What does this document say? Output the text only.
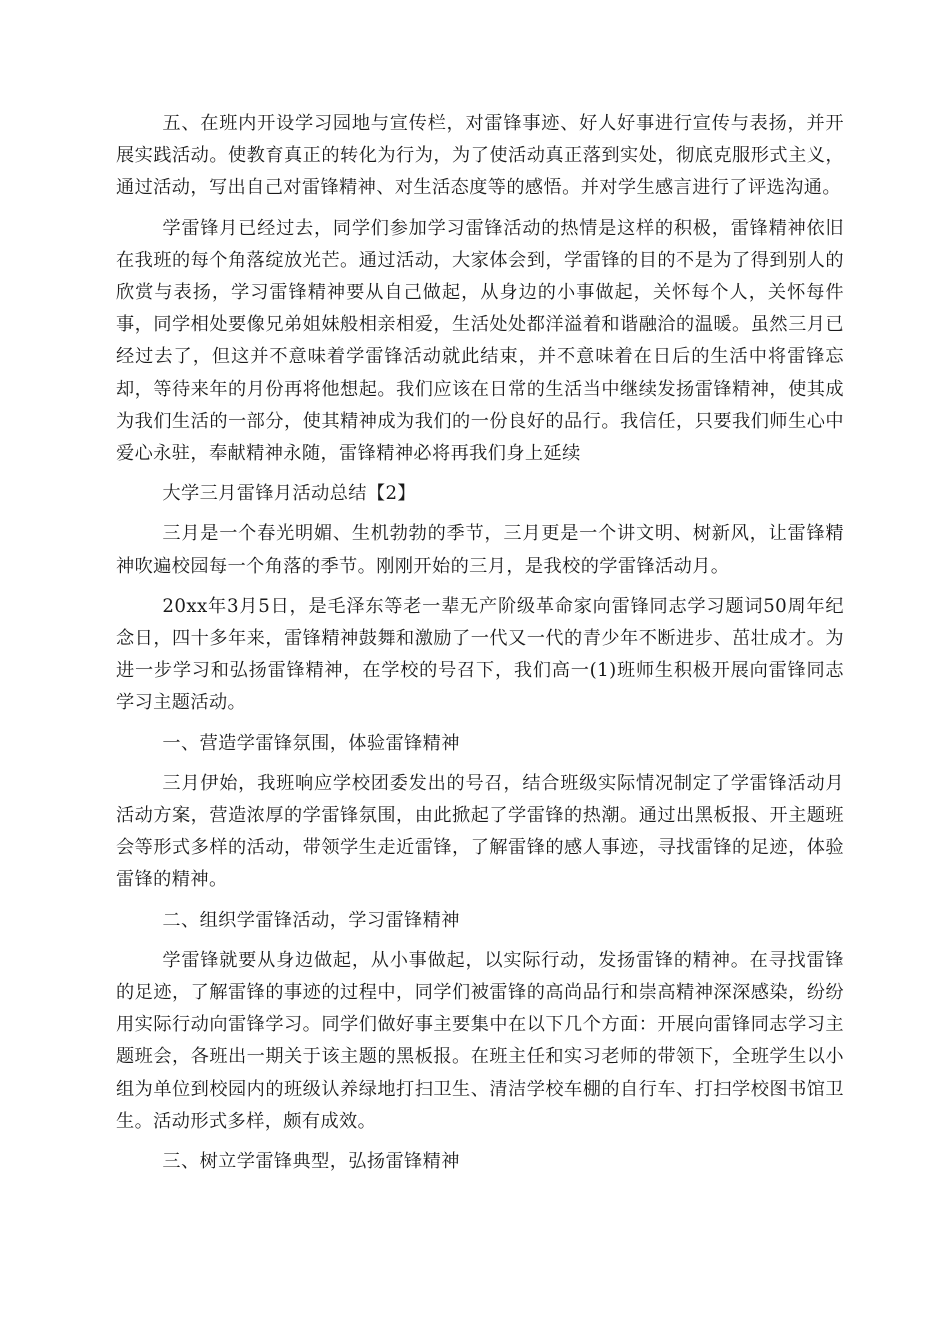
五、在班内开设学习园地与宣传栏，对雷锋事迹、好人好事进行宣传与表扬，并开展实践活动。使教育真正的转化为行为，为了使活动真正落到实处，彻底克服形式主义，通过活动，写出自己对雷锋精神、对生活态度等的感悟。并对学生感言进行了评选沟通。

学雷锋月已经过去，同学们参加学习雷锋活动的热情是这样的积极，雷锋精神依旧在我班的每个角落绽放光芒。通过活动，大家体会到，学雷锋的目的不是为了得到别人的欣赏与表扬，学习雷锋精神要从自己做起，从身边的小事做起，关怀每个人，关怀每件事，同学相处要像兄弟姐妹般相亲相爱，生活处处都洋溢着和谐融洽的温暖。虽然三月已经过去了，但这并不意味着学雷锋活动就此结束，并不意味着在日后的生活中将雷锋忘却，等待来年的月份再将他想起。我们应该在日常的生活当中继续发扬雷锋精神，使其成为我们生活的一部分，使其精神成为我们的一份良好的品行。我信任，只要我们师生心中爱心永驻，奉献精神永随，雷锋精神必将再我们身上延续

大学三月雷锋月活动总结【2】

三月是一个春光明媚、生机勃勃的季节，三月更是一个讲文明、树新风，让雷锋精神吹遍校园每一个角落的季节。刚刚开始的三月，是我校的学雷锋活动月。

20xx年3月5日，是毛泽东等老一辈无产阶级革命家向雷锋同志学习题词50周年纪念日，四十多年来，雷锋精神鼓舞和激励了一代又一代的青少年不断进步、茁壮成才。为进一步学习和弘扬雷锋精神，在学校的号召下，我们高一(1)班师生积极开展向雷锋同志学习主题活动。

一、营造学雷锋氛围，体验雷锋精神

三月伊始，我班响应学校团委发出的号召，结合班级实际情况制定了学雷锋活动月活动方案，营造浓厚的学雷锋氛围，由此掀起了学雷锋的热潮。通过出黑板报、开主题班会等形式多样的活动，带领学生走近雷锋，了解雷锋的感人事迹，寻找雷锋的足迹，体验雷锋的精神。

二、组织学雷锋活动，学习雷锋精神

学雷锋就要从身边做起，从小事做起，以实际行动，发扬雷锋的精神。在寻找雷锋的足迹，了解雷锋的事迹的过程中，同学们被雷锋的高尚品行和崇高精神深深感染，纷纷用实际行动向雷锋学习。同学们做好事主要集中在以下几个方面：开展向雷锋同志学习主题班会，各班出一期关于该主题的黑板报。在班主任和实习老师的带领下，全班学生以小组为单位到校园内的班级认养绿地打扫卫生、清洁学校车棚的自行车、打扫学校图书馆卫生。活动形式多样，颇有成效。

三、树立学雷锋典型，弘扬雷锋精神
